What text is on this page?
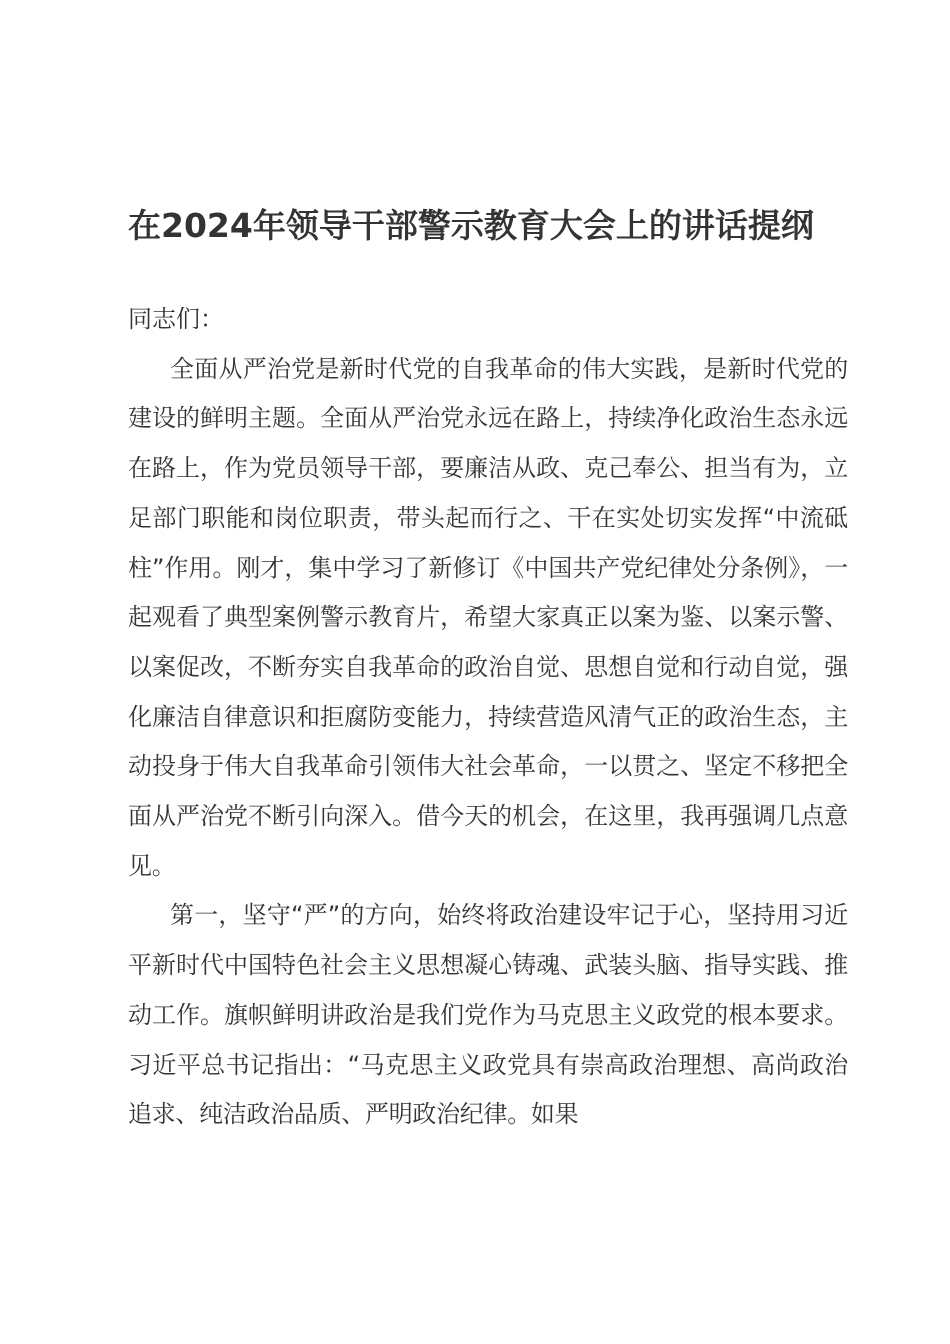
在2024年领导干部警示教育大会上的讲话提纲

同志们：

全面从严治党是新时代党的自我革命的伟大实践，是新时代党的建设的鲜明主题。全面从严治党永远在路上，持续净化政治生态永远在路上，作为党员领导干部，要廉洁从政、克己奉公、担当有为，立足部门职能和岗位职责，带头起而行之、干在实处切实发挥“中流砥柱”作用。刚才，集中学习了新修订《中国共产党纪律处分条例》，一起观看了典型案例警示教育片，希望大家真正以案为鉴、以案示警、以案促改，不断夯实自我革命的政治自觉、思想自觉和行动自觉，强化廉洁自律意识和拒腐防变能力，持续营造风清气正的政治生态，主动投身于伟大自我革命引领伟大社会革命，一以贯之、坚定不移把全面从严治党不断引向深入。借今天的机会，在这里，我再强调几点意见。

第一，坚守“严”的方向，始终将政治建设牢记于心，坚持用习近平新时代中国特色社会主义思想凝心铸魂、武装头脑、指导实践、推动工作。旗帜鲜明讲政治是我们党作为马克思主义政党的根本要求。习近平总书记指出：“马克思主义政党具有崇高政治理想、高尚政治追求、纯洁政治品质、严明政治纪律。如果
